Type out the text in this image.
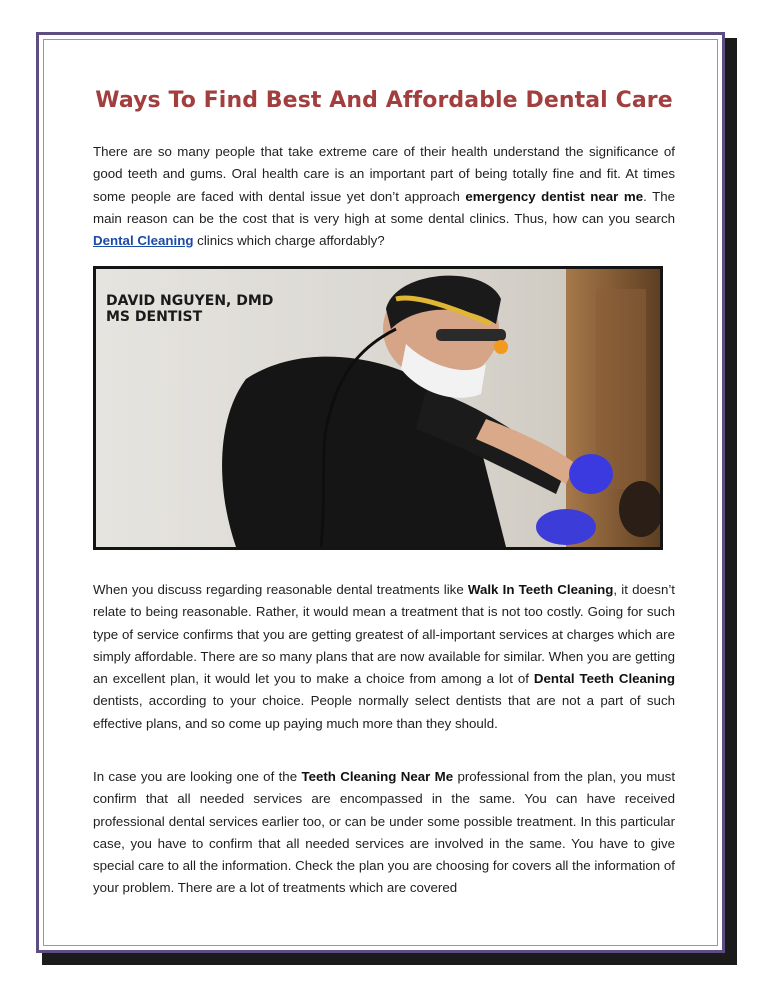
Ways To Find Best And Affordable Dental Care

There are so many people that take extreme care of their health understand the significance of good teeth and gums. Oral health care is an important part of being totally fine and fit. At times some people are faced with dental issue yet don’t approach emergency dentist near me. The main reason can be the cost that is very high at some dental clinics. Thus, how can you search Dental Cleaning clinics which charge affordably?

DAVID NGUYEN, DMD
MS DENTIST

When you discuss regarding reasonable dental treatments like Walk In Teeth Cleaning, it doesn’t relate to being reasonable. Rather, it would mean a treatment that is not too costly. Going for such type of service confirms that you are getting greatest of all-important services at charges which are simply affordable. There are so many plans that are now available for similar. When you are getting an excellent plan, it would let you to make a choice from among a lot of Dental Teeth Cleaning dentists, according to your choice. People normally select dentists that are not a part of such effective plans, and so come up paying much more than they should.

In case you are looking one of the Teeth Cleaning Near Me professional from the plan, you must confirm that all needed services are encompassed in the same. You can have received professional dental services earlier too, or can be under some possible treatment. In this particular case, you have to confirm that all needed services are involved in the same. You have to give special care to all the information. Check the plan you are choosing for covers all the information of your problem. There are a lot of treatments which are covered
